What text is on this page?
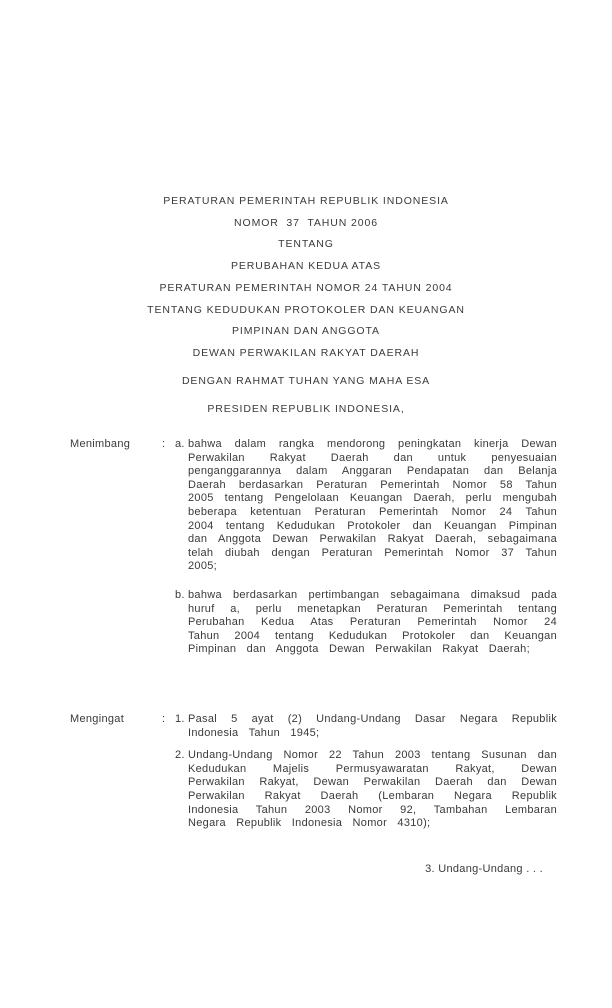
PERATURAN PEMERINTAH REPUBLIK INDONESIA
NOMOR  37  TAHUN 2006
TENTANG
PERUBAHAN KEDUA ATAS
PERATURAN PEMERINTAH NOMOR 24 TAHUN 2004
TENTANG KEDUDUKAN PROTOKOLER DAN KEUANGAN
PIMPINAN DAN ANGGOTA
DEWAN PERWAKILAN RAKYAT DAERAH
DENGAN RAHMAT TUHAN YANG MAHA ESA
PRESIDEN REPUBLIK INDONESIA,
Menimbang	: a. bahwa dalam rangka mendorong peningkatan kinerja Dewan Perwakilan Rakyat Daerah dan untuk penyesuaian penganggarannya dalam Anggaran Pendapatan dan Belanja Daerah berdasarkan Peraturan Pemerintah Nomor 58 Tahun 2005 tentang Pengelolaan Keuangan Daerah, perlu mengubah beberapa ketentuan Peraturan Pemerintah Nomor 24 Tahun 2004 tentang Kedudukan Protokoler dan Keuangan Pimpinan dan Anggota Dewan Perwakilan Rakyat Daerah, sebagaimana telah diubah dengan Peraturan Pemerintah Nomor 37 Tahun 2005;
b. bahwa berdasarkan pertimbangan sebagaimana dimaksud pada huruf a, perlu menetapkan Peraturan Pemerintah tentang Perubahan Kedua Atas Peraturan Pemerintah Nomor 24 Tahun 2004 tentang Kedudukan Protokoler dan Keuangan Pimpinan dan Anggota Dewan Perwakilan Rakyat Daerah;
Mengingat	: 1. Pasal 5 ayat (2) Undang-Undang Dasar Negara Republik Indonesia Tahun 1945;
2. Undang-Undang Nomor 22 Tahun 2003 tentang Susunan dan Kedudukan Majelis Permusyawaratan Rakyat, Dewan Perwakilan Rakyat, Dewan Perwakilan Daerah dan Dewan Perwakilan Rakyat Daerah (Lembaran Negara Republik Indonesia Tahun 2003 Nomor 92, Tambahan Lembaran Negara Republik Indonesia Nomor 4310);
3. Undang-Undang . . .
